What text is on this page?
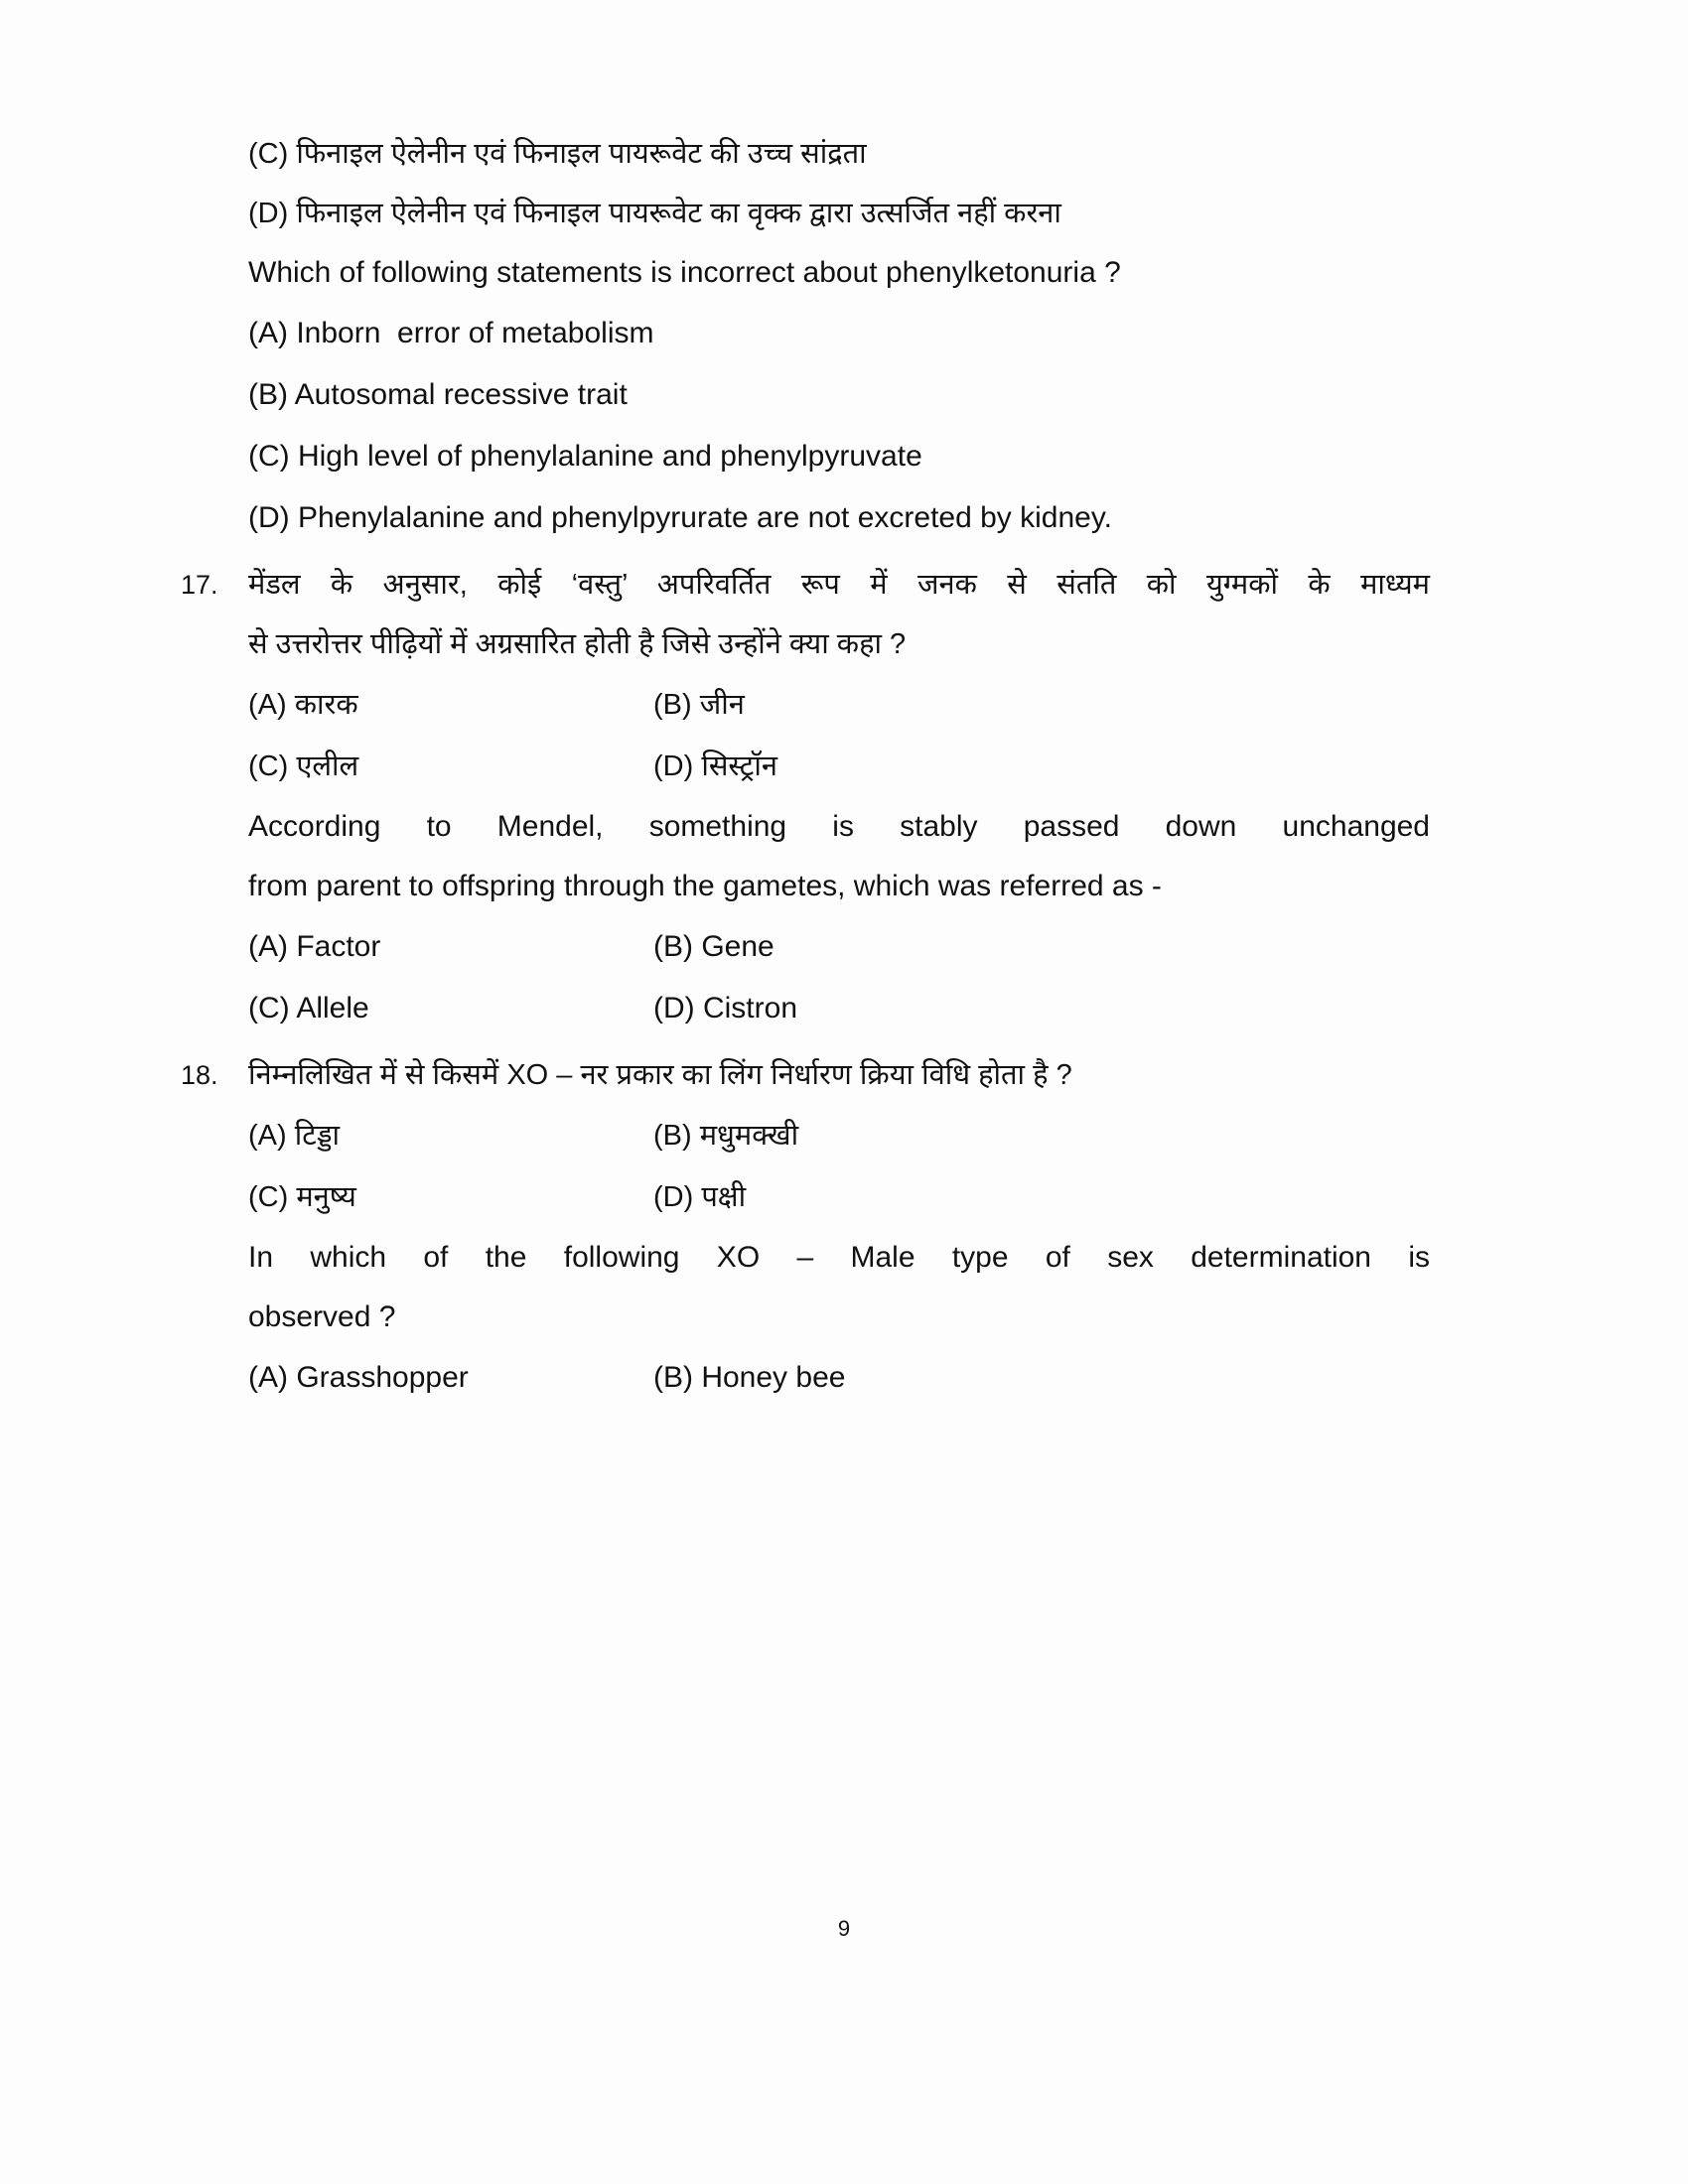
(C) फिनाइल ऐलेनीन एवं फिनाइल पायरूवेट की उच्च सांद्रता
(D) फिनाइल ऐलेनीन एवं फिनाइल पायरूवेट का वृक्क द्वारा उत्सर्जित नहीं करना
Which of following statements is incorrect about phenylketonuria ?
(A) Inborn  error of metabolism
(B) Autosomal recessive trait
(C) High level of phenylalanine and phenylpyruvate
(D) Phenylalanine and phenylpyrurate are not excreted by kidney.
17. मेंडल के अनुसार, कोई ‘वस्तु’ अपरिवर्तित रूप में जनक से संतति को युग्मकों के माध्यम
से उत्तरोत्तर पीढ़ियों में अग्रसारित होती है जिसे उन्होंने क्या कहा ?
(A) कारक	(B) जीन
(C) एलील	(D) सिस्ट्रॉन
According to Mendel, something is stably passed down unchanged
from parent to offspring through the gametes, which was referred as -
(A) Factor	(B) Gene
(C) Allele	(D) Cistron
18. निम्नलिखित में से किसमें XO – नर प्रकार का लिंग निर्धारण क्रिया विधि होता है ?
(A) टिड्डा	(B) मधुमक्खी
(C) मनुष्य	(D) पक्षी
In which of the following XO – Male type of sex determination is
observed ?
(A) Grasshopper	(B) Honey bee
9
